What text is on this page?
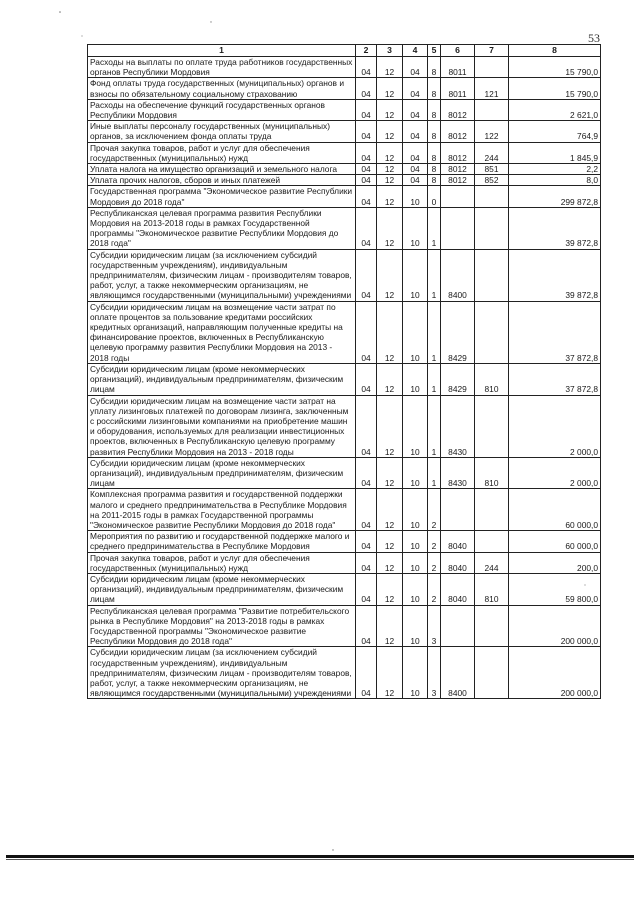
53
1	2	3	4	5	6	7	8
Расходы на выплаты по оплате труда работников государственных органов Республики Мордовия	04	12	04	8	8011		15 790,0
Фонд оплаты труда государственных (муниципальных) органов и взносы по обязательному социальному страхованию	04	12	04	8	8011	121	15 790,0
Расходы на обеспечение функций государственных органов Республики Мордовия	04	12	04	8	8012		2 621,0
Иные выплаты персоналу государственных (муниципальных) органов, за исключением фонда оплаты труда	04	12	04	8	8012	122	764,9
Прочая закупка товаров, работ и услуг для обеспечения государственных (муниципальных) нужд	04	12	04	8	8012	244	1 845,9
Уплата налога на имущество организаций и земельного налога	04	12	04	8	8012	851	2,2
Уплата прочих налогов, сборов и иных платежей	04	12	04	8	8012	852	8,0
Государственная программа "Экономическое развитие Республики Мордовия до 2018 года"	04	12	10	0			299 872,8
Республиканская целевая программа развития Республики Мордовия на 2013-2018 годы в рамках Государственной программы "Экономическое развитие Республики Мордовия до 2018 года"	04	12	10	1			39 872,8
Субсидии юридическим лицам (за исключением субсидий государственным учреждениям), индивидуальным предпринимателям, физическим лицам - производителям товаров, работ, услуг, а также некоммерческим организациям, не являющимся государственными (муниципальными) учреждениями	04	12	10	1	8400		39 872,8
Субсидии юридическим лицам на возмещение части затрат по оплате процентов за пользование кредитами российских кредитных организаций, направляющим полученные кредиты на финансирование проектов, включенных в Республиканскую целевую программу развития Республики Мордовия на 2013 - 2018 годы	04	12	10	1	8429		37 872,8
Субсидии юридическим лицам (кроме некоммерческих организаций), индивидуальным предпринимателям, физическим лицам	04	12	10	1	8429	810	37 872,8
Субсидии юридическим лицам на возмещение части затрат на уплату лизинговых платежей по договорам лизинга, заключенным с российскими лизинговыми компаниями на приобретение машин и оборудования, используемых для реализации инвестиционных проектов, включенных в Республиканскую целевую программу развития Республики Мордовия на 2013 - 2018 годы	04	12	10	1	8430		2 000,0
Субсидии юридическим лицам (кроме некоммерческих организаций), индивидуальным предпринимателям, физическим лицам	04	12	10	1	8430	810	2 000,0
Комплексная программа развития и государственной поддержки малого и среднего предпринимательства в Республике Мордовия на 2011-2015 годы в рамках Государственной программы "Экономическое развитие Республики Мордовия до 2018 года"	04	12	10	2			60 000,0
Мероприятия по развитию и государственной поддержке малого и среднего предпринимательства в Республике Мордовия	04	12	10	2	8040		60 000,0
Прочая закупка товаров, работ и услуг для обеспечения государственных (муниципальных) нужд	04	12	10	2	8040	244	200,0
Субсидии юридическим лицам (кроме некоммерческих организаций), индивидуальным предпринимателям, физическим лицам	04	12	10	2	8040	810	59 800,0
Республиканская целевая программа "Развитие потребительского рынка в Республике Мордовия" на 2013-2018 годы в рамках Государственной программы "Экономическое развитие Республики Мордовия до 2018 года"	04	12	10	3			200 000,0
Субсидии юридическим лицам (за исключением субсидий государственным учреждениям), индивидуальным предпринимателям, физическим лицам - производителям товаров, работ, услуг, а также некоммерческим организациям, не являющимся государственными (муниципальными) учреждениями	04	12	10	3	8400		200 000,0
